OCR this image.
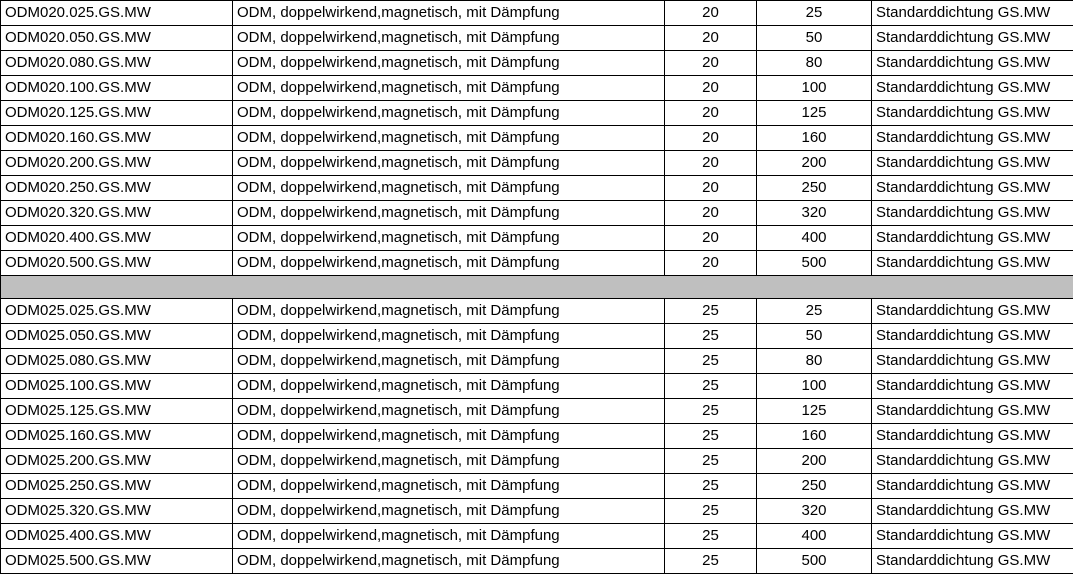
ODM020.025.GS.MW	ODM, doppelwirkend,magnetisch, mit Dämpfung	20	25	Standarddichtung GS.MW
ODM020.050.GS.MW	ODM, doppelwirkend,magnetisch, mit Dämpfung	20	50	Standarddichtung GS.MW
ODM020.080.GS.MW	ODM, doppelwirkend,magnetisch, mit Dämpfung	20	80	Standarddichtung GS.MW
ODM020.100.GS.MW	ODM, doppelwirkend,magnetisch, mit Dämpfung	20	100	Standarddichtung GS.MW
ODM020.125.GS.MW	ODM, doppelwirkend,magnetisch, mit Dämpfung	20	125	Standarddichtung GS.MW
ODM020.160.GS.MW	ODM, doppelwirkend,magnetisch, mit Dämpfung	20	160	Standarddichtung GS.MW
ODM020.200.GS.MW	ODM, doppelwirkend,magnetisch, mit Dämpfung	20	200	Standarddichtung GS.MW
ODM020.250.GS.MW	ODM, doppelwirkend,magnetisch, mit Dämpfung	20	250	Standarddichtung GS.MW
ODM020.320.GS.MW	ODM, doppelwirkend,magnetisch, mit Dämpfung	20	320	Standarddichtung GS.MW
ODM020.400.GS.MW	ODM, doppelwirkend,magnetisch, mit Dämpfung	20	400	Standarddichtung GS.MW
ODM020.500.GS.MW	ODM, doppelwirkend,magnetisch, mit Dämpfung	20	500	Standarddichtung GS.MW

ODM025.025.GS.MW	ODM, doppelwirkend,magnetisch, mit Dämpfung	25	25	Standarddichtung GS.MW
ODM025.050.GS.MW	ODM, doppelwirkend,magnetisch, mit Dämpfung	25	50	Standarddichtung GS.MW
ODM025.080.GS.MW	ODM, doppelwirkend,magnetisch, mit Dämpfung	25	80	Standarddichtung GS.MW
ODM025.100.GS.MW	ODM, doppelwirkend,magnetisch, mit Dämpfung	25	100	Standarddichtung GS.MW
ODM025.125.GS.MW	ODM, doppelwirkend,magnetisch, mit Dämpfung	25	125	Standarddichtung GS.MW
ODM025.160.GS.MW	ODM, doppelwirkend,magnetisch, mit Dämpfung	25	160	Standarddichtung GS.MW
ODM025.200.GS.MW	ODM, doppelwirkend,magnetisch, mit Dämpfung	25	200	Standarddichtung GS.MW
ODM025.250.GS.MW	ODM, doppelwirkend,magnetisch, mit Dämpfung	25	250	Standarddichtung GS.MW
ODM025.320.GS.MW	ODM, doppelwirkend,magnetisch, mit Dämpfung	25	320	Standarddichtung GS.MW
ODM025.400.GS.MW	ODM, doppelwirkend,magnetisch, mit Dämpfung	25	400	Standarddichtung GS.MW
ODM025.500.GS.MW	ODM, doppelwirkend,magnetisch, mit Dämpfung	25	500	Standarddichtung GS.MW
